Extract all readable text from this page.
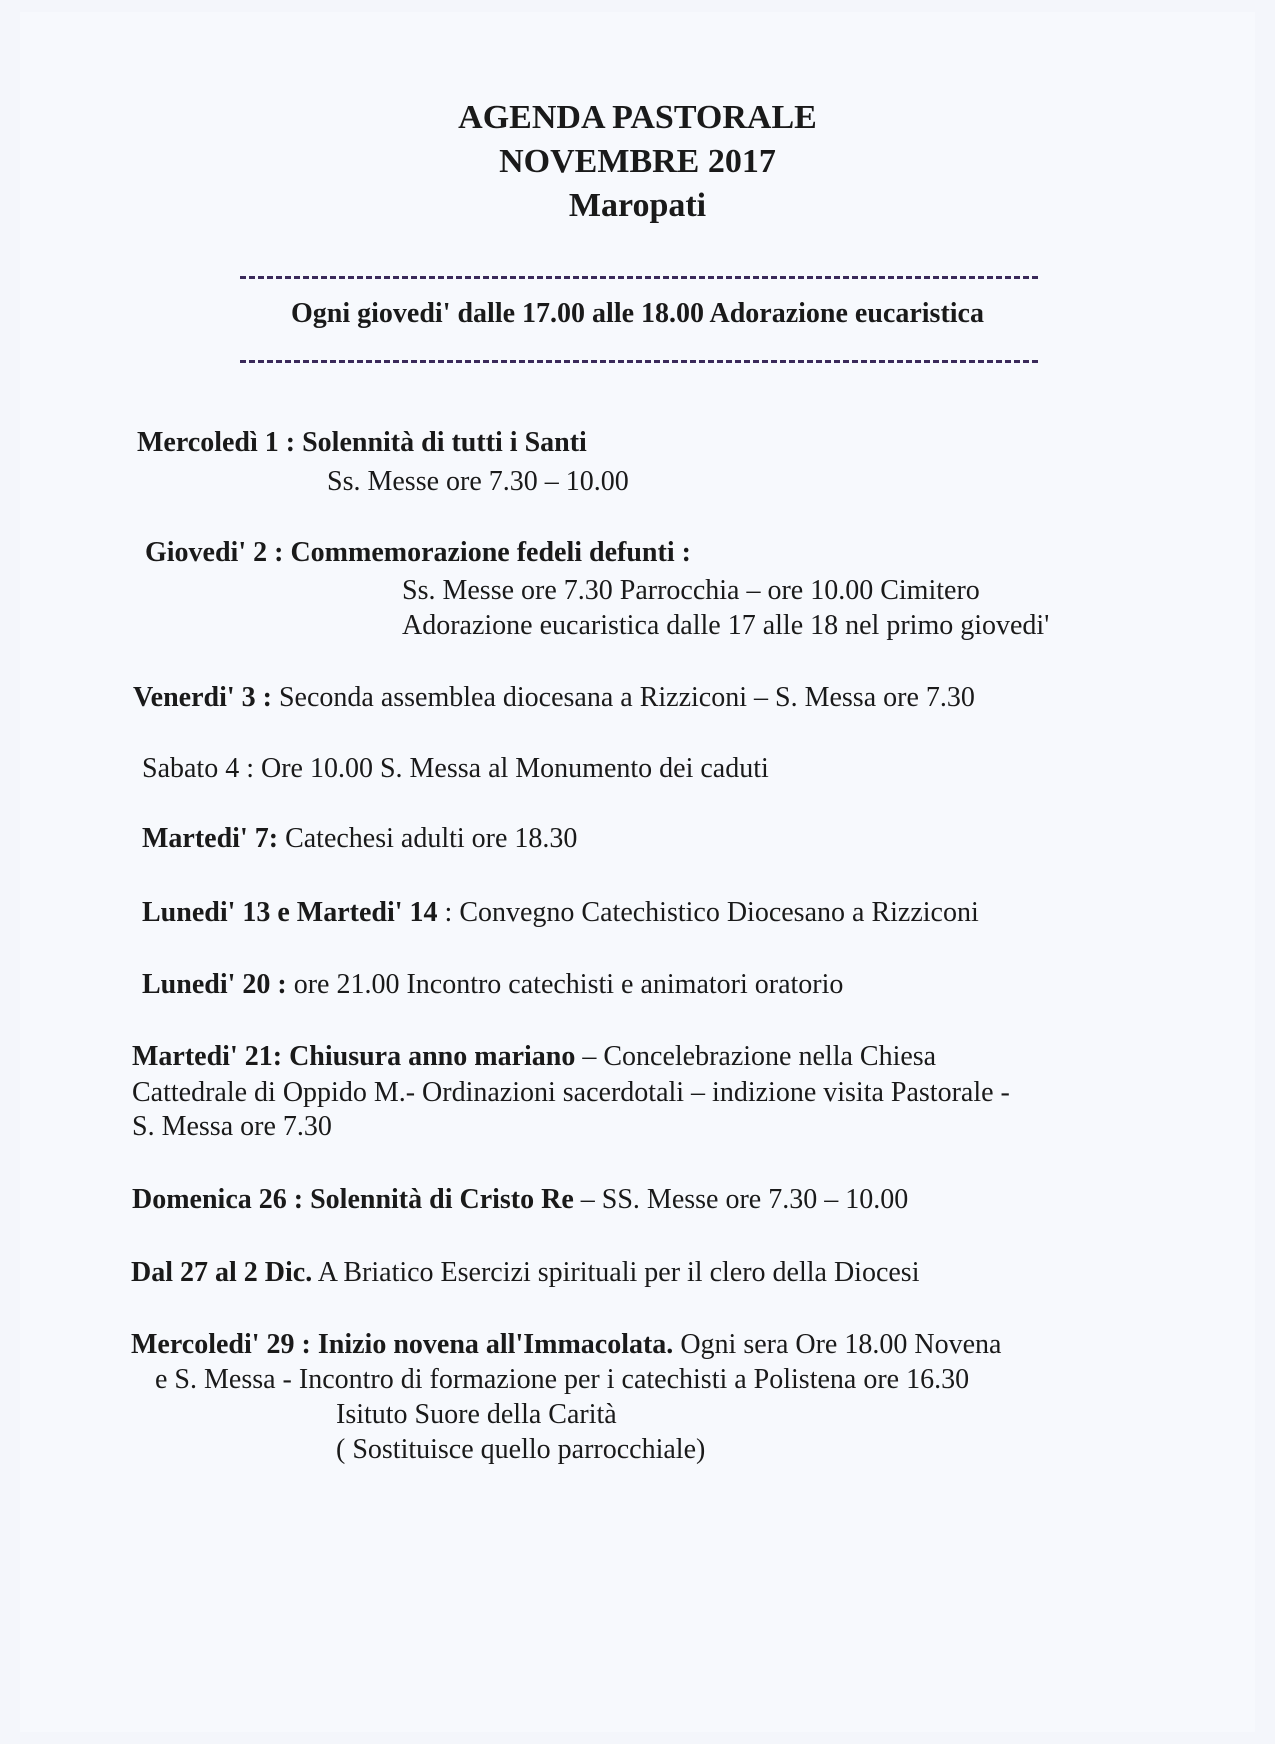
AGENDA PASTORALE
NOVEMBRE 2017
Maropati
Ogni giovedi' dalle 17.00 alle 18.00 Adorazione eucaristica
Mercoledì 1 : Solennità di tutti i Santi
Ss. Messe ore 7.30 – 10.00
Giovedi' 2 : Commemorazione fedeli defunti :
Ss. Messe ore 7.30 Parrocchia – ore 10.00 Cimitero
Adorazione eucaristica dalle 17 alle 18 nel primo giovedi'
Venerdi' 3 : Seconda assemblea diocesana a Rizziconi – S. Messa ore 7.30
Sabato 4 : Ore 10.00 S. Messa al Monumento dei caduti
Martedi' 7: Catechesi adulti ore 18.30
Lunedi' 13 e Martedi' 14 : Convegno Catechistico Diocesano a Rizziconi
Lunedi' 20 : ore 21.00 Incontro catechisti e animatori oratorio
Martedi' 21: Chiusura anno mariano – Concelebrazione nella Chiesa
Cattedrale di Oppido M.- Ordinazioni sacerdotali – indizione visita Pastorale -
S. Messa ore 7.30
Domenica 26 : Solennità di Cristo Re – SS. Messe ore 7.30 – 10.00
Dal 27 al 2 Dic. A Briatico Esercizi spirituali per il clero della Diocesi
Mercoledi' 29 : Inizio novena all'Immacolata. Ogni sera Ore 18.00 Novena
e S. Messa - Incontro di formazione per i catechisti a Polistena ore 16.30
Isituto Suore della Carità
( Sostituisce quello parrocchiale)
